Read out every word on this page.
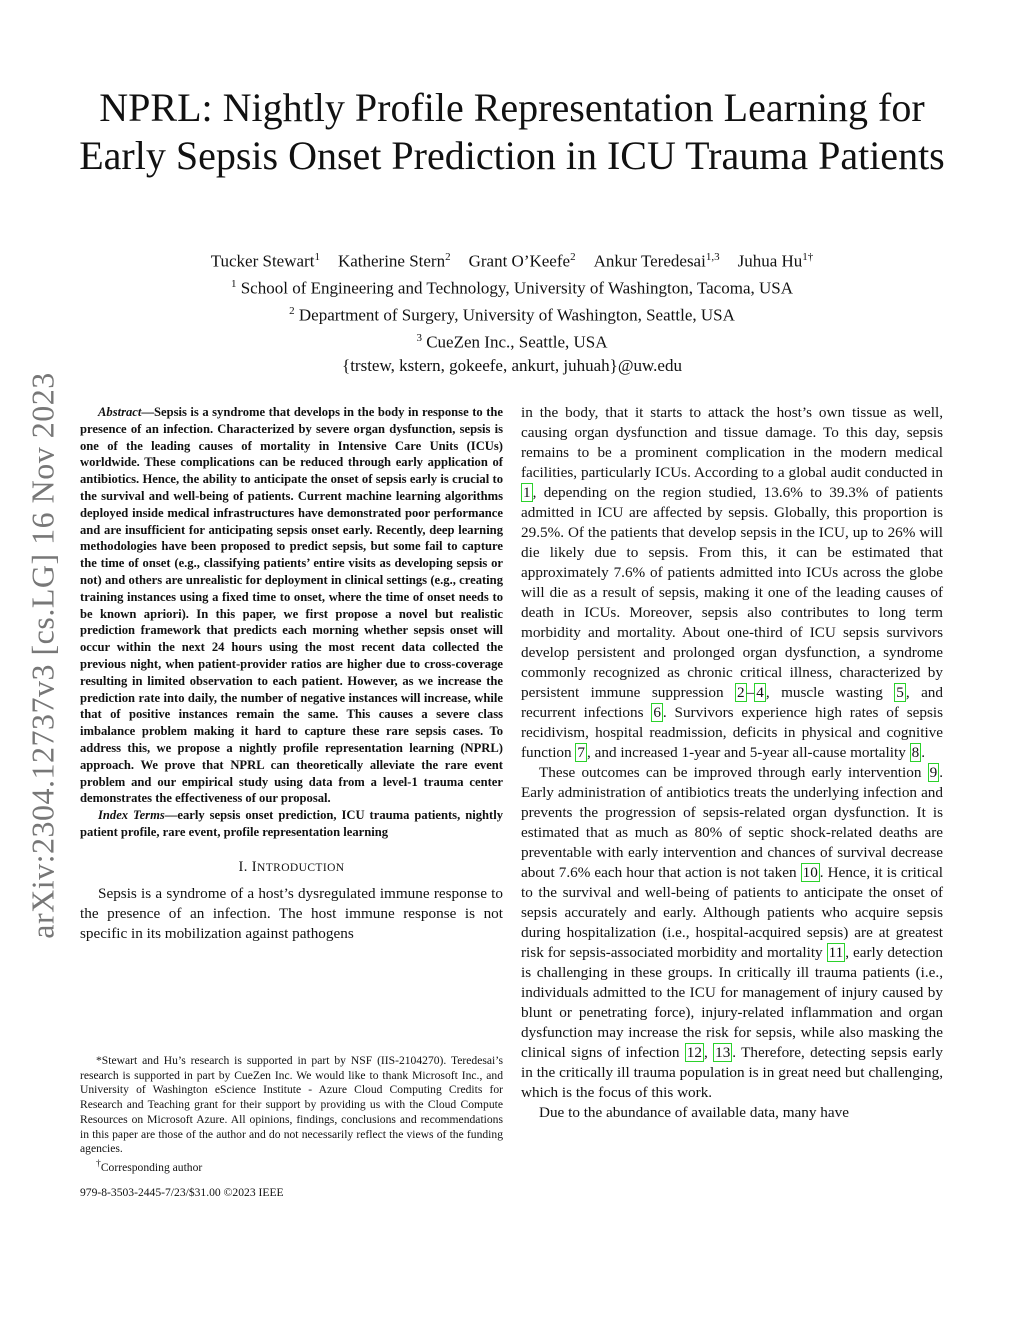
arXiv:2304.12737v3 [cs.LG] 16 Nov 2023
NPRL: Nightly Profile Representation Learning for Early Sepsis Onset Prediction in ICU Trauma Patients
Tucker Stewart$^1$ Katherine Stern$^2$ Grant O’Keefe$^2$ Ankur Teredesai$^{1,3}$ Juhua $Hu^{1\dagger}$
$^1$ School of Engineering and Technology, University of Washington, Tacoma, USA
$^2$ Department of Surgery, University of Washington, Seattle, USA
$^3$ CueZen Inc., Seattle, USA
{trstew, kstern, gokeefe, ankurt, juhuah}@uw.edu

Abstract—Sepsis is a syndrome that develops in the body in response to the presence of an infection. Characterized by severe organ dysfunction, sepsis is one of the leading causes of mortality in Intensive Care Units (ICUs) worldwide. These complications can be reduced through early application of antibiotics. Hence, the ability to anticipate the onset of sepsis early is crucial to the survival and well-being of patients. Current machine learning algorithms deployed inside medical infrastructures have demonstrated poor performance and are insufficient for anticipating sepsis onset early. Recently, deep learning methodologies have been proposed to predict sepsis, but some fail to capture the time of onset (e.g., classifying patients’ entire visits as developing sepsis or not) and others are unrealistic for deployment in clinical settings (e.g., creating training instances using a fixed time to onset, where the time of onset needs to be known apriori). In this paper, we first propose a novel but realistic prediction framework that predicts each morning whether sepsis onset will occur within the next 24 hours using the most recent data collected the previous night, when patient-provider ratios are higher due to cross-coverage resulting in limited observation to each patient. However, as we increase the prediction rate into daily, the number of negative instances will increase, while that of positive instances remain the same. This causes a severe class imbalance problem making it hard to capture these rare sepsis cases. To address this, we propose a nightly profile representation learning (NPRL) approach. We prove that NPRL can theoretically alleviate the rare event problem and our empirical study using data from a level-1 trauma center demonstrates the effectiveness of our proposal.

Index Terms—early sepsis onset prediction, ICU trauma patients, nightly patient profile, rare event, profile representation learning

I. INTRODUCTION

Sepsis is a syndrome of a host’s dysregulated immune response to the presence of an infection. The host immune response is not specific in its mobilization against pathogens

*Stewart and Hu’s research is supported in part by NSF (IIS-2104270). Teredesai’s research is supported in part by CueZen Inc. We would like to thank Microsoft Inc., and University of Washington eScience Institute - Azure Cloud Computing Credits for Research and Teaching grant for their support by providing us with the Cloud Compute Resources on Microsoft Azure. All opinions, findings, conclusions and recommendations in this paper are those of the author and do not necessarily reflect the views of the funding agencies.

†Corresponding author

979-8-3503-2445-7/23/$31.00 ©2023 IEEE

in the body, that it starts to attack the host’s own tissue as well, causing organ dysfunction and tissue damage. To this day, sepsis remains to be a prominent complication in the modern medical facilities, particularly ICUs. According to a global audit conducted in 1 , depending on the region studied, 13.6% to 39.3% of patients admitted in ICU are affected by sepsis. Globally, this proportion is 29.5%. Of the patients that develop sepsis in the ICU, up to 26% will die likely due to sepsis. From this, it can be estimated that approximately 7.6% of patients admitted into ICUs across the globe will die as a result of sepsis, making it one of the leading causes of death in ICUs. Moreover, sepsis also contributes to long term morbidity and mortality. About one-third of ICU sepsis survivors develop persistent and prolonged organ dysfunction, a syndrome commonly recognized as chronic critical illness, characterized by persistent immune suppression 2 – 4 , muscle wasting 5 , and recurrent infections 6 . Survivors experience high rates of sepsis recidivism, hospital readmission, deficits in physical and cognitive function 7 , and increased 1-year and 5-year all-cause mortality 8 .

These outcomes can be improved through early intervention 9 . Early administration of antibiotics treats the underlying infection and prevents the progression of sepsis-related organ dysfunction. It is estimated that as much as 80% of septic shock-related deaths are preventable with early intervention and chances of survival decrease about 7.6% each hour that action is not taken 10 . Hence, it is critical to the survival and well-being of patients to anticipate the onset of sepsis accurately and early. Although patients who acquire sepsis during hospitalization (i.e., hospital-acquired sepsis) are at greatest risk for sepsis-associated morbidity and mortality 11 , early detection is challenging in these groups. In critically ill trauma patients (i.e., individuals admitted to the ICU for management of injury caused by blunt or penetrating force), injury-related inflammation and organ dysfunction may increase the risk for sepsis, while also masking the clinical signs of infection 12 , 13 . Therefore, detecting sepsis early in the critically ill trauma population is in great need but challenging, which is the focus of this work.

Due to the abundance of available data, many have
